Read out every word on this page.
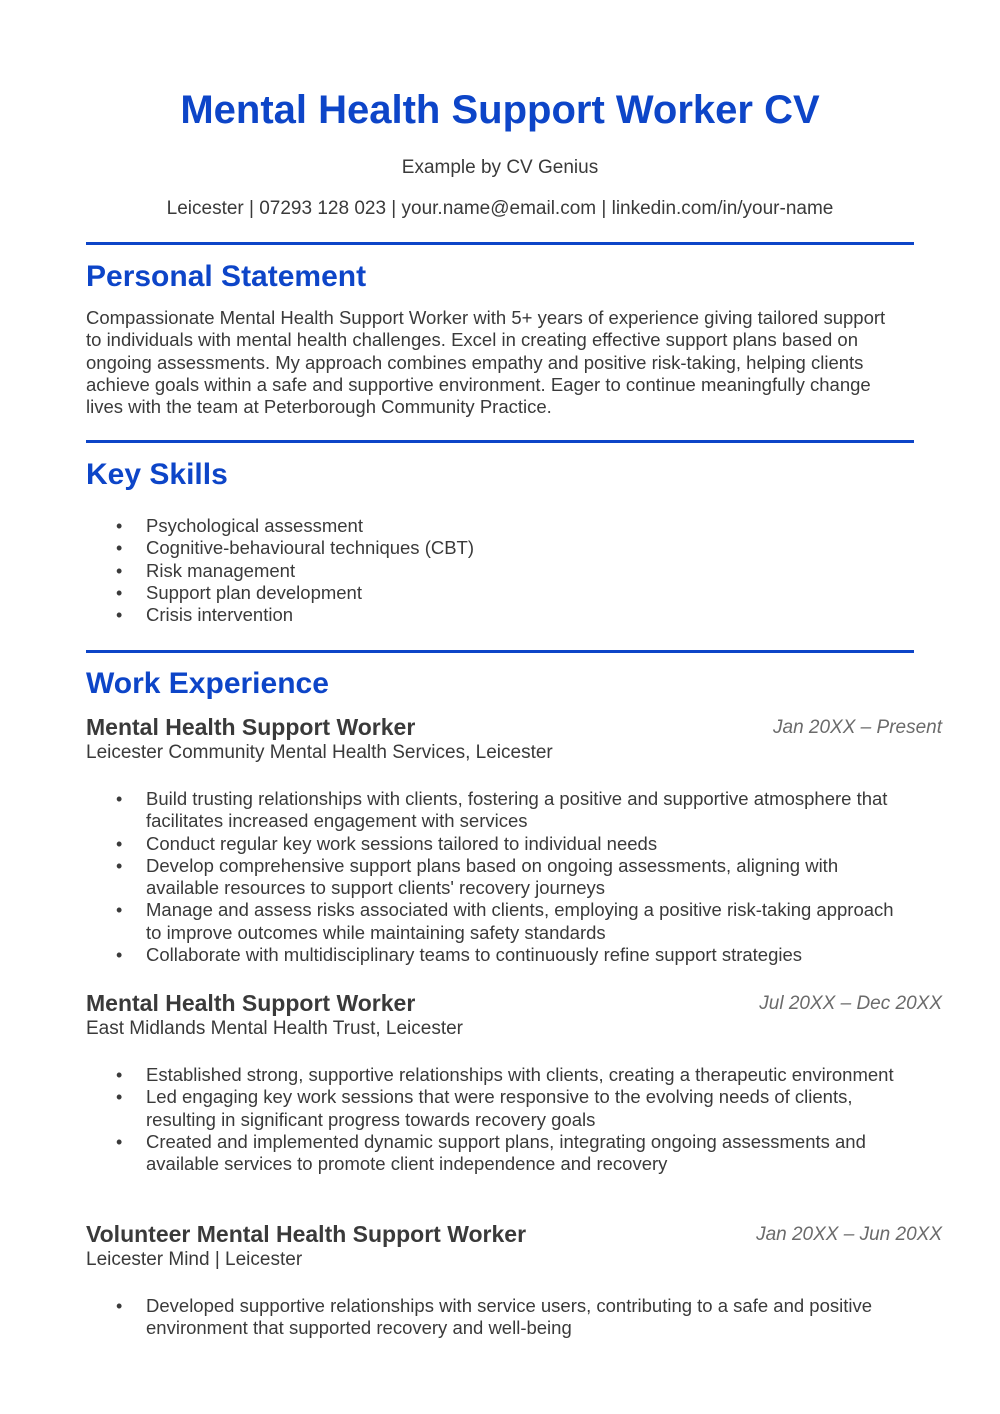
Mental Health Support Worker CV
Example by CV Genius
Leicester | 07293 128 023 | your.name@email.com | linkedin.com/in/your-name
Personal Statement

Compassionate Mental Health Support Worker with 5+ years of experience giving tailored support to individuals with mental health challenges. Excel in creating effective support plans based on ongoing assessments. My approach combines empathy and positive risk-taking, helping clients achieve goals within a safe and supportive environment. Eager to continue meaningfully change lives with the team at Peterborough Community Practice.

Key Skills
• Psychological assessment
• Cognitive-behavioural techniques (CBT)
• Risk management
• Support plan development
• Crisis intervention
Work Experience
Mental Health Support Worker	Jan 20XX – Present
Leicester Community Mental Health Services, Leicester
• Build trusting relationships with clients, fostering a positive and supportive atmosphere that facilitates increased engagement with services
• Conduct regular key work sessions tailored to individual needs
• Develop comprehensive support plans based on ongoing assessments, aligning with available resources to support clients' recovery journeys
• Manage and assess risks associated with clients, employing a positive risk-taking approach to improve outcomes while maintaining safety standards
• Collaborate with multidisciplinary teams to continuously refine support strategies
Mental Health Support Worker	Jul 20XX – Dec 20XX
East Midlands Mental Health Trust, Leicester
• Established strong, supportive relationships with clients, creating a therapeutic environment
• Led engaging key work sessions that were responsive to the evolving needs of clients, resulting in significant progress towards recovery goals
• Created and implemented dynamic support plans, integrating ongoing assessments and available services to promote client independence and recovery
Volunteer Mental Health Support Worker	Jan 20XX – Jun 20XX
Leicester Mind | Leicester
• Developed supportive relationships with service users, contributing to a safe and positive environment that supported recovery and well-being
